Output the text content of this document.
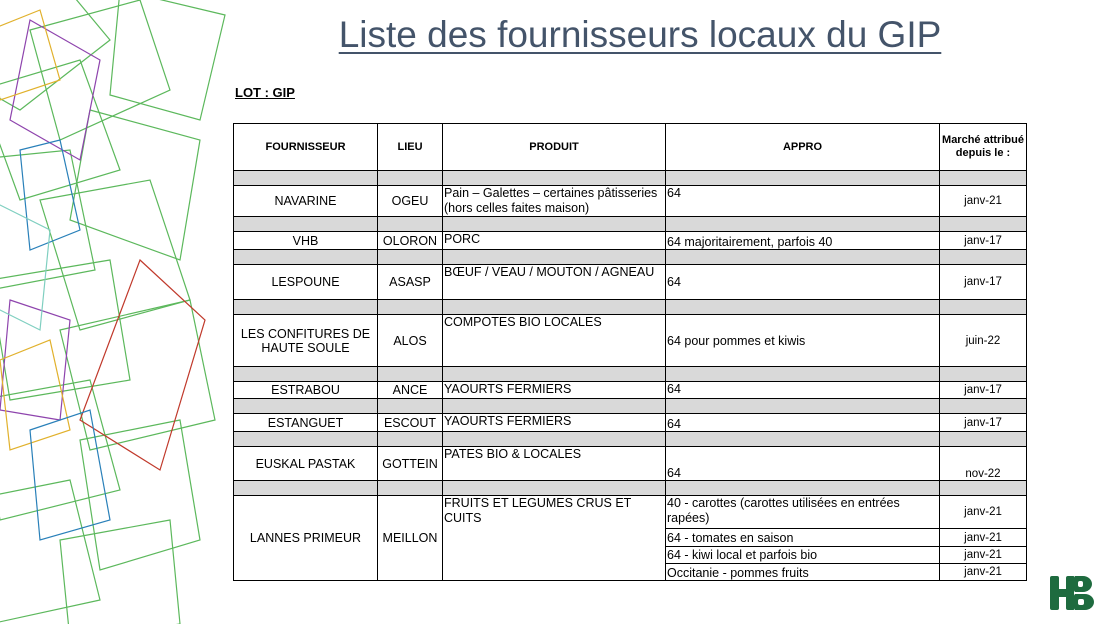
Liste des fournisseurs locaux du GIP
LOT : GIP
FOURNISSEUR	LIEU	PRODUIT	APPRO	Marché attribué depuis le :

NAVARINE	OGEU	Pain – Galettes – certaines pâtisseries (hors celles faites maison)	64	janv-21

VHB	OLORON	PORC	64 majoritairement, parfois 40	janv-17

LESPOUNE	ASASP	BŒUF / VEAU / MOUTON / AGNEAU	64	janv-17

LES CONFITURES DE HAUTE SOULE	ALOS	COMPOTES BIO LOCALES	64 pour pommes et kiwis	juin-22

ESTRABOU	ANCE	YAOURTS FERMIERS	64	janv-17

ESTANGUET	ESCOUT	YAOURTS FERMIERS	64	janv-17

EUSKAL PASTAK	GOTTEIN	PATES BIO & LOCALES	64	nov-22

LANNES PRIMEUR	MEILLON	FRUITS ET LEGUMES CRUS ET CUITS	40 - carottes (carottes utilisées en entrées rapées)	janv-21
			64 - tomates en saison	janv-21
			64 - kiwi local et parfois bio	janv-21
			Occitanie - pommes fruits	janv-21
